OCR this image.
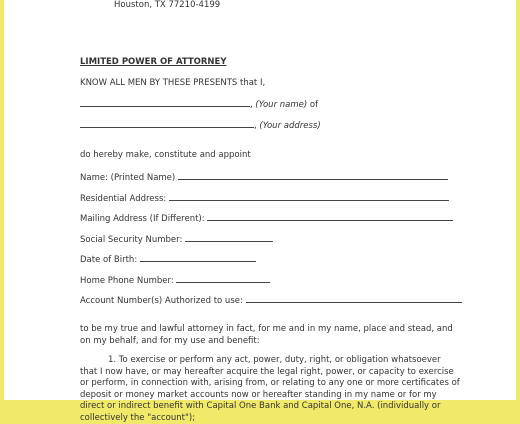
Houston, TX 77210-4199
LIMITED POWER OF ATTORNEY
KNOW ALL MEN BY THESE PRESENTS that I,
, (Your name) of
, (Your address)
do hereby make, constitute and appoint
Name: (Printed Name)
Residential Address:
Mailing Address (If Different):
Social Security Number:
Date of Birth:
Home Phone Number:
Account Number(s) Authorized to use:
to be my true and lawful attorney in fact, for me and in my name, place and stead, and on my behalf, and for my use and benefit:
1. To exercise or perform any act, power, duty, right, or obligation whatsoever that I now have, or may hereafter acquire the legal right, power, or capacity to exercise or perform, in connection with, arising from, or relating to any one or more certificates of deposit or money market accounts now or hereafter standing in my name or for my direct or indirect benefit with Capital One Bank and Capital One, N.A. (individually or collectively the "account");
